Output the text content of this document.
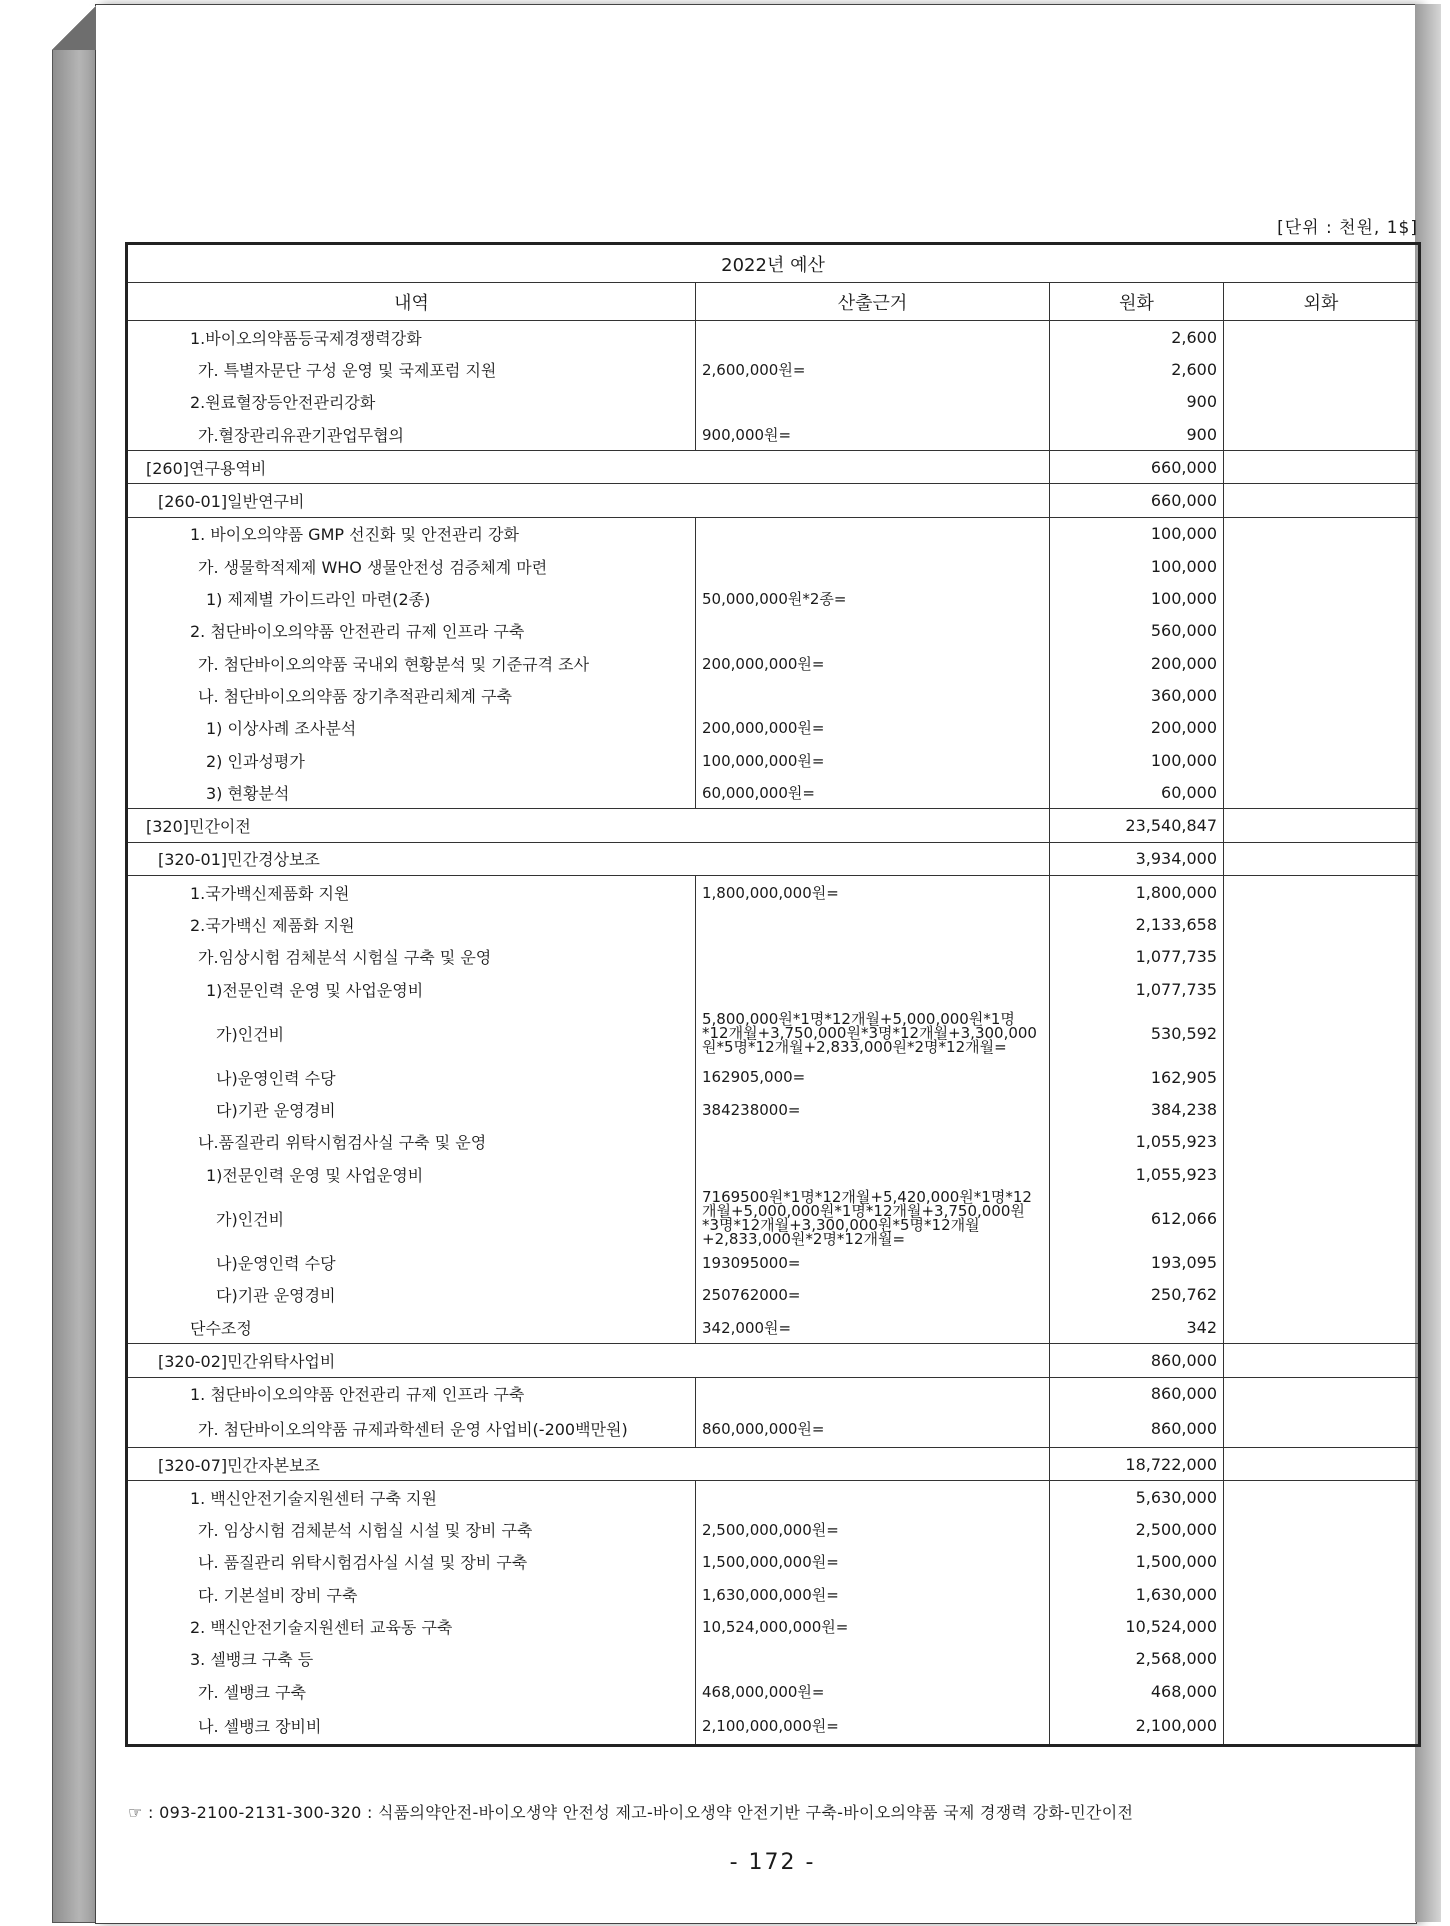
[단위 : 천원, 1$]
2022년 예산			
내역	산출근거	원화	외화
1.바이오의약품등국제경쟁력강화		2,600	
가. 특별자문단 구성 운영 및 국제포럼 지원	2,600,000원=	2,600	
2.원료혈장등안전관리강화		900	
가.혈장관리유관기관업무협의	900,000원=	900	
[260]연구용역비		660,000	
[260-01]일반연구비		660,000	
1. 바이오의약품 GMP 선진화 및 안전관리 강화		100,000	
가. 생물학적제제 WHO 생물안전성 검증체계 마련		100,000	
1) 제제별 가이드라인 마련(2종)	50,000,000원*2종=	100,000	
2. 첨단바이오의약품 안전관리 규제 인프라 구축		560,000	
가. 첨단바이오의약품 국내외 현황분석 및 기준규격 조사	200,000,000원=	200,000	
나. 첨단바이오의약품 장기추적관리체계 구축		360,000	
1) 이상사례 조사분석	200,000,000원=	200,000	
2) 인과성평가	100,000,000원=	100,000	
3) 현황분석	60,000,000원=	60,000	
[320]민간이전		23,540,847	
[320-01]민간경상보조		3,934,000	
1.국가백신제품화 지원	1,800,000,000원=	1,800,000	
2.국가백신 제품화 지원		2,133,658	
가.임상시험 검체분석 시험실 구축 및 운영		1,077,735	
1)전문인력 운영 및 사업운영비		1,077,735	
가)인건비	5,800,000원*1명*12개월+5,000,000원*1명*12개월+3,750,000원*3명*12개월+3,300,000원*5명*12개월+2,833,000원*2명*12개월=	530,592	
나)운영인력 수당	162905,000=	162,905	
다)기관 운영경비	384238000=	384,238	
나.품질관리 위탁시험검사실 구축 및 운영		1,055,923	
1)전문인력 운영 및 사업운영비		1,055,923	
가)인건비	7169500원*1명*12개월+5,420,000원*1명*12개월+5,000,000원*1명*12개월+3,750,000원*3명*12개월+3,300,000원*5명*12개월+2,833,000원*2명*12개월=	612,066	
나)운영인력 수당	193095000=	193,095	
다)기관 운영경비	250762000=	250,762	
단수조정	342,000원=	342	
[320-02]민간위탁사업비		860,000	
1. 첨단바이오의약품 안전관리 규제 인프라 구축		860,000	
가. 첨단바이오의약품 규제과학센터 운영 사업비(-200백만원)	860,000,000원=	860,000	
[320-07]민간자본보조		18,722,000	
1. 백신안전기술지원센터 구축 지원		5,630,000	
가. 임상시험 검체분석 시험실 시설 및 장비 구축	2,500,000,000원=	2,500,000	
나. 품질관리 위탁시험검사실 시설 및 장비 구축	1,500,000,000원=	1,500,000	
다. 기본설비 장비 구축	1,630,000,000원=	1,630,000	
2. 백신안전기술지원센터 교육동 구축	10,524,000,000원=	10,524,000	
3. 셀뱅크 구축 등		2,568,000	
가. 셀뱅크 구축	468,000,000원=	468,000	
나. 셀뱅크 장비비	2,100,000,000원=	2,100,000	
☞ : 093-2100-2131-300-320 : 식품의약안전-바이오생약 안전성 제고-바이오생약 안전기반 구축-바이오의약품 국제 경쟁력 강화-민간이전
- 172 -
